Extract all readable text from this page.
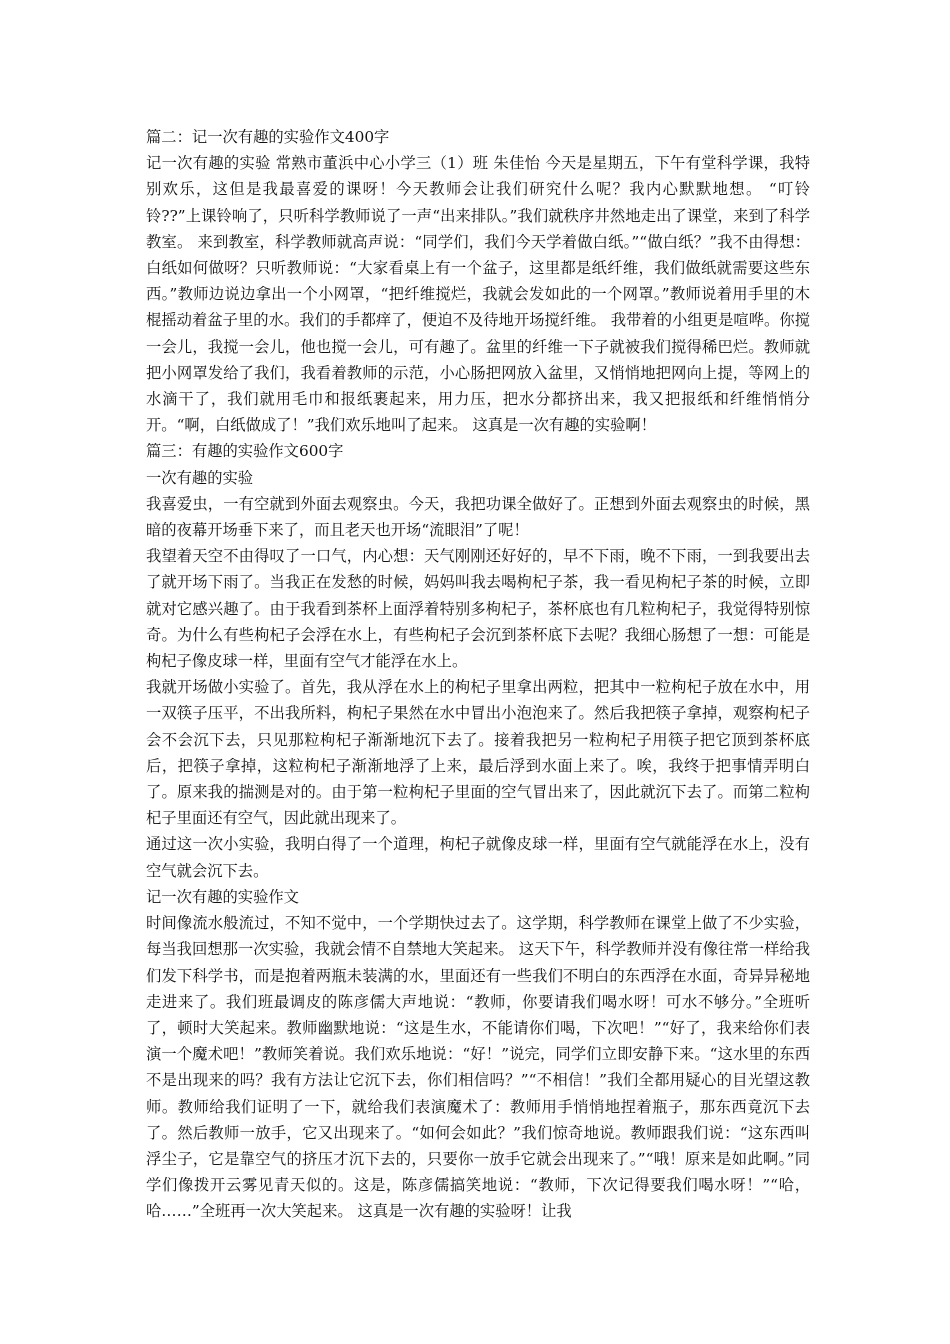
篇二：记一次有趣的实验作文400字

记一次有趣的实验 常熟市董浜中心小学三（1）班 朱佳怡 今天是星期五，下午有堂科学课，我特别欢乐，这但是我最喜爱的课呀！今天教师会让我们研究什么呢？我内心默默地想。 “叮铃铃??”上课铃响了，只听科学教师说了一声“出来排队。”我们就秩序井然地走出了课堂，来到了科学教室。 来到教室，科学教师就高声说：“同学们，我们今天学着做白纸。”“做白纸？”我不由得想：白纸如何做呀？只听教师说：“大家看桌上有一个盆子，这里都是纸纤维，我们做纸就需要这些东西。”教师边说边拿出一个小网罩，“把纤维搅烂，我就会发如此的一个网罩。”教师说着用手里的木棍摇动着盆子里的水。我们的手都痒了，便迫不及待地开场搅纤维。 我带着的小组更是喧哗。你搅一会儿，我搅一会儿，他也搅一会儿，可有趣了。盆里的纤维一下子就被我们搅得稀巴烂。教师就把小网罩发给了我们，我看着教师的示范，小心肠把网放入盆里，又悄悄地把网向上提，等网上的水滴干了，我们就用毛巾和报纸裹起来，用力压，把水分都挤出来，我又把报纸和纤维悄悄分开。“啊，白纸做成了！”我们欢乐地叫了起来。 这真是一次有趣的实验啊！

篇三：有趣的实验作文600字

一次有趣的实验

我喜爱虫，一有空就到外面去观察虫。今天，我把功课全做好了。正想到外面去观察虫的时候，黑暗的夜幕开场垂下来了，而且老天也开场“流眼泪”了呢！

我望着天空不由得叹了一口气，内心想：天气刚刚还好好的，早不下雨，晚不下雨，一到我要出去了就开场下雨了。当我正在发愁的时候，妈妈叫我去喝枸杞子茶，我一看见枸杞子茶的时候，立即就对它感兴趣了。由于我看到茶杯上面浮着特别多枸杞子，茶杯底也有几粒枸杞子，我觉得特别惊奇。为什么有些枸杞子会浮在水上，有些枸杞子会沉到茶杯底下去呢？我细心肠想了一想：可能是枸杞子像皮球一样，里面有空气才能浮在水上。

我就开场做小实验了。首先，我从浮在水上的枸杞子里拿出两粒，把其中一粒枸杞子放在水中，用一双筷子压平，不出我所料，枸杞子果然在水中冒出小泡泡来了。然后我把筷子拿掉，观察枸杞子会不会沉下去，只见那粒枸杞子渐渐地沉下去了。接着我把另一粒枸杞子用筷子把它顶到茶杯底后，把筷子拿掉，这粒枸杞子渐渐地浮了上来，最后浮到水面上来了。唉，我终于把事情弄明白了。原来我的揣测是对的。由于第一粒枸杞子里面的空气冒出来了，因此就沉下去了。而第二粒枸杞子里面还有空气，因此就出现来了。

通过这一次小实验，我明白得了一个道理，枸杞子就像皮球一样，里面有空气就能浮在水上，没有空气就会沉下去。

记一次有趣的实验作文

时间像流水般流过，不知不觉中，一个学期快过去了。这学期，科学教师在课堂上做了不少实验，每当我回想那一次实验，我就会情不自禁地大笑起来。 这天下午，科学教师并没有像往常一样给我们发下科学书，而是抱着两瓶未装满的水，里面还有一些我们不明白的东西浮在水面，奇异异秘地走进来了。我们班最调皮的陈彦儒大声地说：“教师，你要请我们喝水呀！可水不够分。”全班听了，顿时大笑起来。教师幽默地说：“这是生水，不能请你们喝，下次吧！”“好了，我来给你们表演一个魔术吧！”教师笑着说。我们欢乐地说：“好！”说完，同学们立即安静下来。“这水里的东西不是出现来的吗？我有方法让它沉下去，你们相信吗？”“不相信！”我们全都用疑心的目光望这教师。教师给我们证明了一下，就给我们表演魔术了：教师用手悄悄地捏着瓶子，那东西竟沉下去了。然后教师一放手，它又出现来了。“如何会如此？”我们惊奇地说。教师跟我们说：“这东西叫浮尘子，它是靠空气的挤压才沉下去的，只要你一放手它就会出现来了。”“哦！原来是如此啊。”同学们像拨开云雾见青天似的。这是，陈彦儒搞笑地说：“教师，下次记得要我们喝水呀！”“哈，哈……”全班再一次大笑起来。 这真是一次有趣的实验呀！让我
